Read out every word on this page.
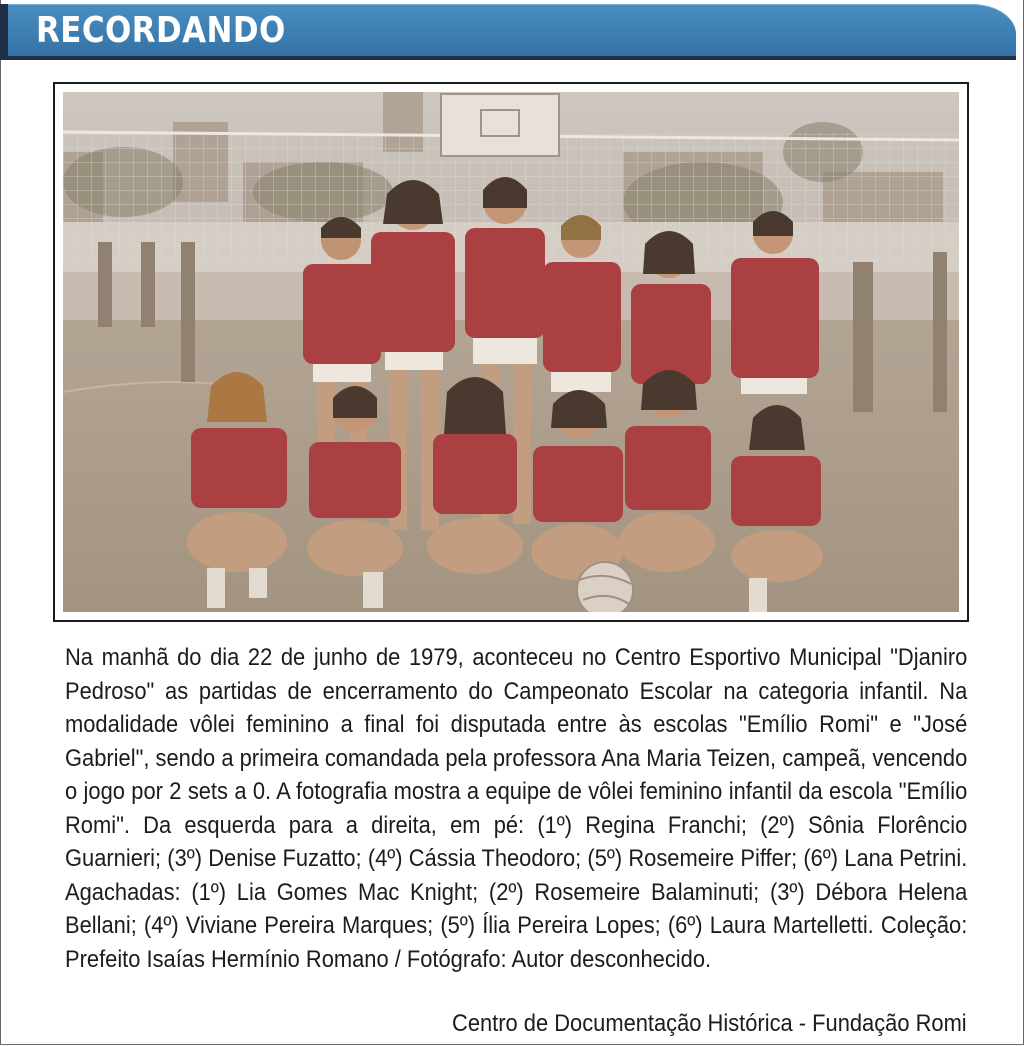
RECORDANDO
Na manhã do dia 22 de junho de 1979, aconteceu no Centro Esportivo Municipal "Djaniro Pedroso" as partidas de encerramento do Campeonato Escolar na categoria infantil. Na modalidade vôlei feminino a final foi disputada entre às escolas "Emílio Romi" e "José Gabriel", sendo a primeira comandada pela professora Ana Maria Teizen, campeã, vencendo o jogo por 2 sets a 0. A fotografia mostra a equipe de vôlei feminino infantil da escola "Emílio Romi". Da esquerda para a direita, em pé: (1º) Regina Franchi; (2º) Sônia Florêncio Guarnieri; (3º) Denise Fuzatto; (4º) Cássia Theodoro; (5º) Rosemeire Piffer; (6º) Lana Petrini. Agachadas: (1º) Lia Gomes Mac Knight; (2º) Rosemeire Balaminuti; (3º) Débora Helena Bellani; (4º) Viviane Pereira Marques; (5º) Ília Pereira Lopes; (6º) Laura Martelletti. Coleção: Prefeito Isaías Hermínio Romano / Fotógrafo: Autor desconhecido.
Centro de Documentação Histórica - Fundação Romi
